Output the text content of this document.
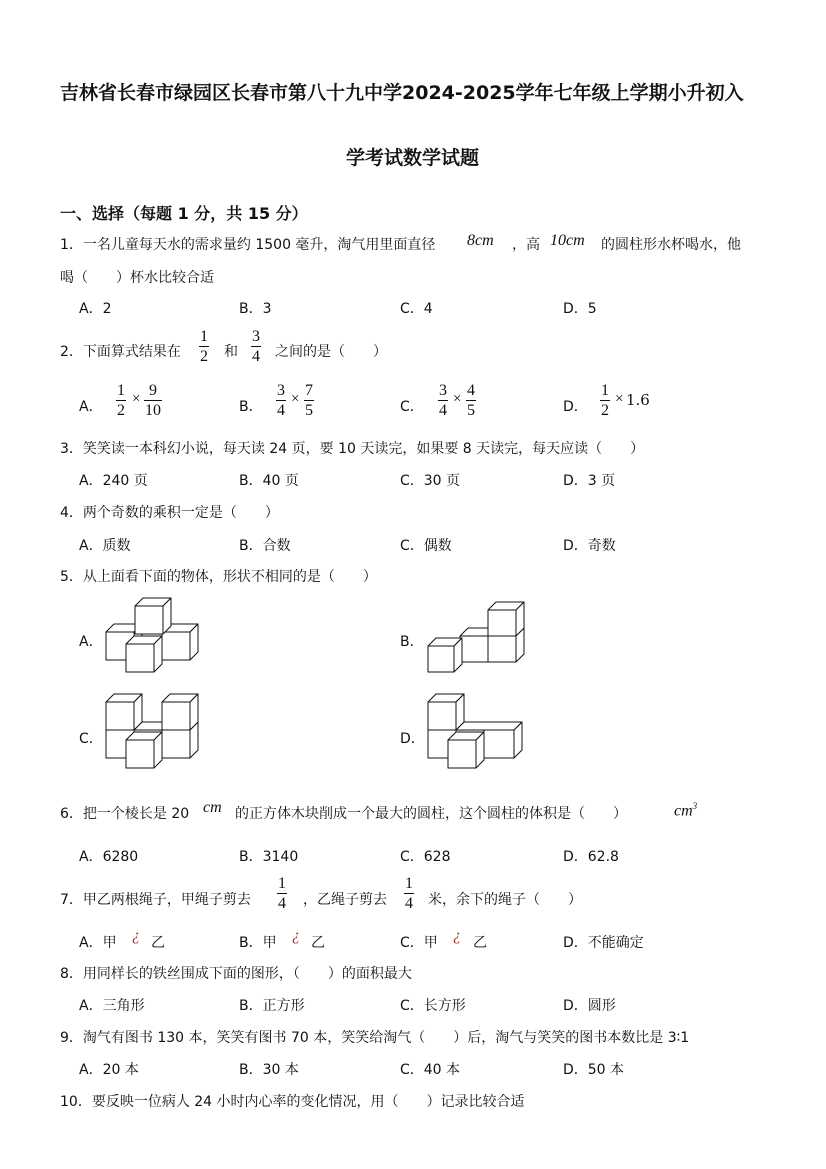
吉林省长春市绿园区长春市第八十九中学2024-2025学年七年级上学期小升初入
学考试数学试题
一、选择（每题 1 分，共 15 分）
1．一名儿童每天水的需求量约 1500 毫升，淘气用里面直径 8cm ，高 10cm 的圆柱形水杯喝水，他
喝（　　）杯水比较合适
A．2	B．3	C．4	D．5
2．下面算式结果在
1
2 和
3
4 之间的是（　　）
A．
1
2
× 9
10	B．
3
4
× 7
5	C．
3
4
× 4
5	D．
1
2
× 1.6
3．笑笑读一本科幻小说，每天读 24 页，要 10 天读完，如果要 8 天读完，每天应读（　　）
A．240 页	B．40 页	C．30 页	D．3 页
4．两个奇数的乘积一定是（　　）
A．质数	B．合数	C．偶数	D．奇数
5．从上面看下面的物体，形状不相同的是（　　）
A．	B．
C．	D．
6．把一个棱长是 20 cm 的正方体木块削成一个最大的圆柱，这个圆柱的体积是（　　）	$cm^3$
A．6280	B．3140	C．628	D．62.8
7．甲乙两根绳子，甲绳子剪去
1
4 ，乙绳子剪去
1
4 米，余下的绳子（　　）
A．甲 ¿ 乙	B．甲 ¿ 乙	C．甲 ¿ 乙	D．不能确定
8．用同样长的铁丝围成下面的图形，（　　）的面积最大
A．三角形	B．正方形	C．长方形	D．圆形
9．淘气有图书 130 本，笑笑有图书 70 本，笑笑给淘气（　　）后，淘气与笑笑的图书本数比是 3∶1
A．20 本	B．30 本	C．40 本	D．50 本
10．要反映一位病人 24 小时内心率的变化情况，用（　　）记录比较合适
